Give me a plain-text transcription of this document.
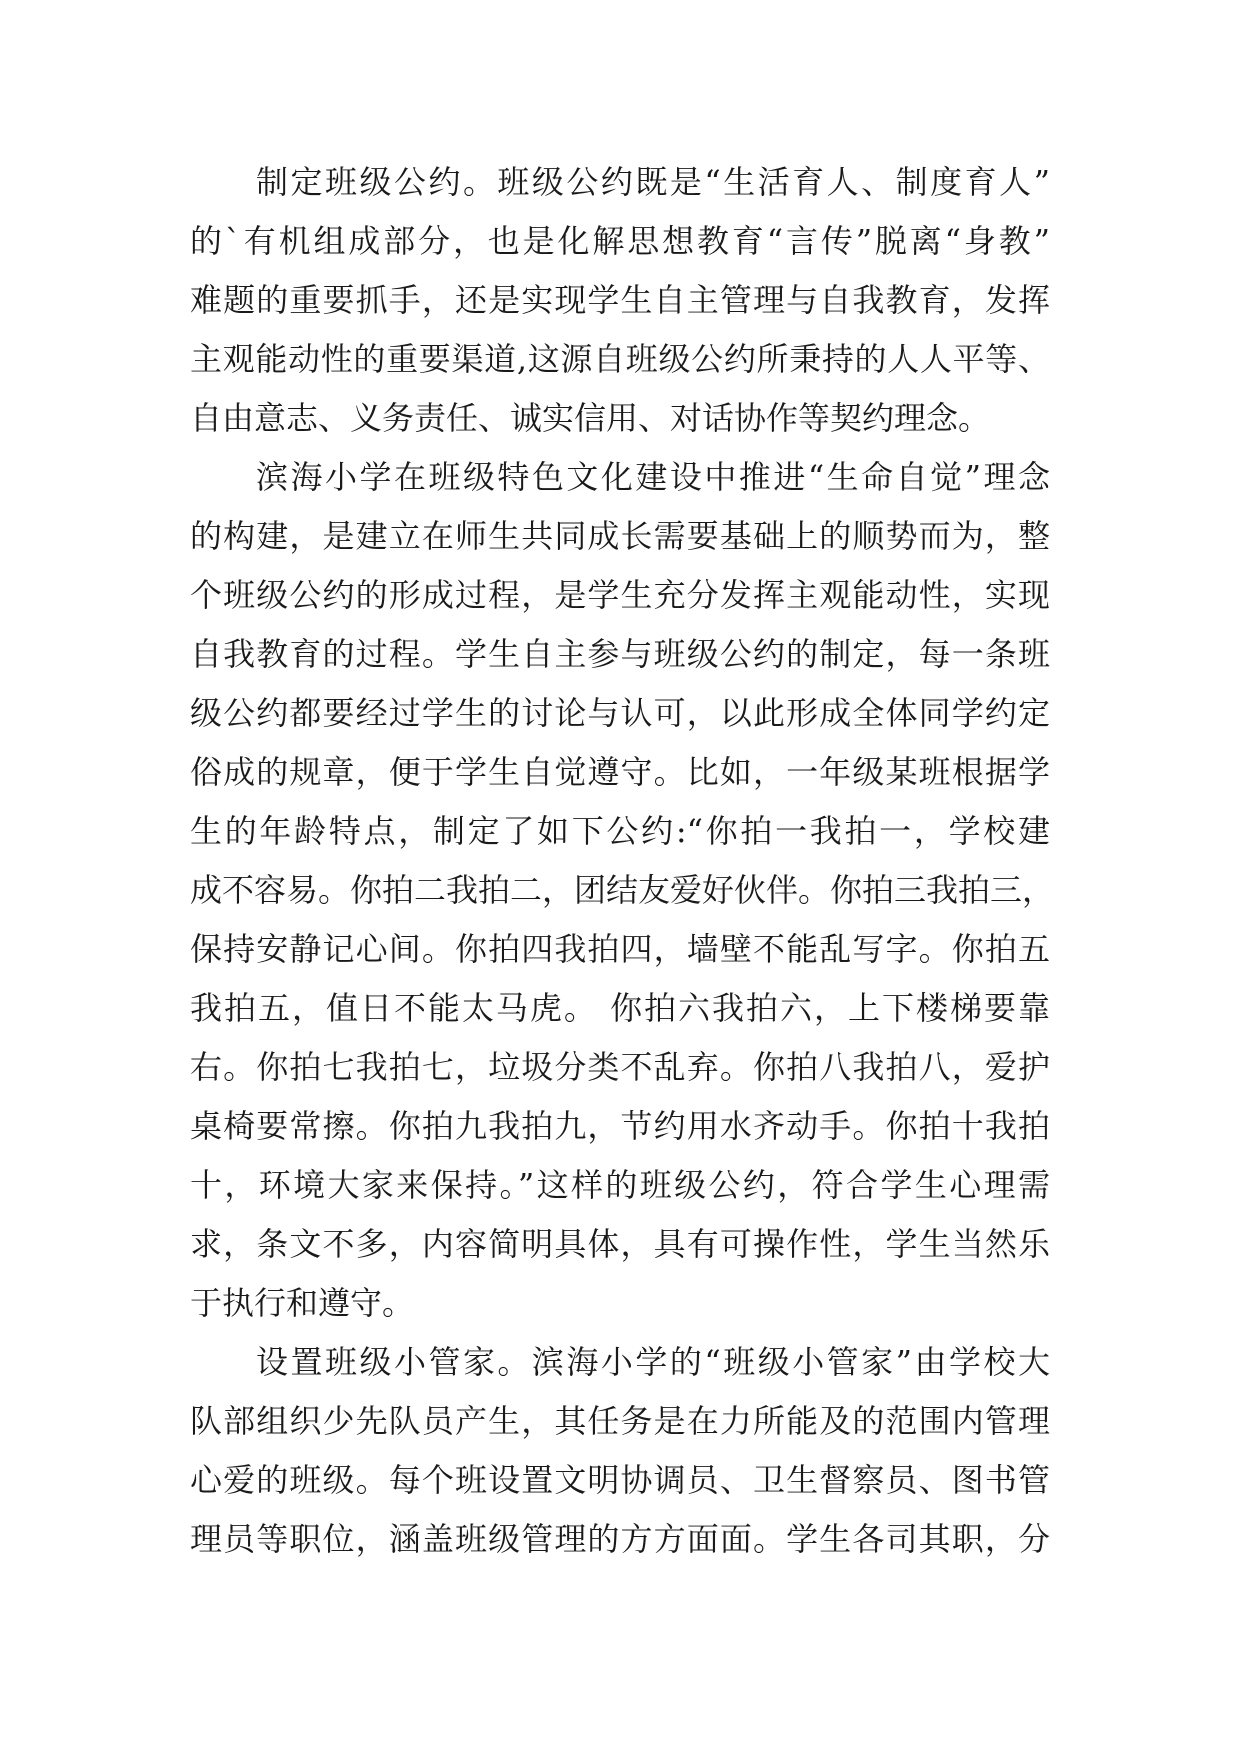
制定班级公约。班级公约既是“生活育人、制度育人”
的`有机组成部分，也是化解思想教育“言传”脱离“身教”
难题的重要抓手，还是实现学生自主管理与自我教育，发挥
主观能动性的重要渠道,这源自班级公约所秉持的人人平等、
自由意志、义务责任、诚实信用、对话协作等契约理念。
滨海小学在班级特色文化建设中推进“生命自觉”理念
的构建，是建立在师生共同成长需要基础上的顺势而为，整
个班级公约的形成过程，是学生充分发挥主观能动性，实现
自我教育的过程。学生自主参与班级公约的制定，每一条班
级公约都要经过学生的讨论与认可，以此形成全体同学约定
俗成的规章，便于学生自觉遵守。比如，一年级某班根据学
生的年龄特点，制定了如下公约:“你拍一我拍一，学校建
成不容易。你拍二我拍二，团结友爱好伙伴。你拍三我拍三，
保持安静记心间。你拍四我拍四，墙壁不能乱写字。你拍五
我拍五，值日不能太马虎。 你拍六我拍六，上下楼梯要靠
右。你拍七我拍七，垃圾分类不乱弃。你拍八我拍八，爱护
桌椅要常擦。你拍九我拍九，节约用水齐动手。你拍十我拍
十，环境大家来保持。”这样的班级公约，符合学生心理需
求，条文不多，内容简明具体，具有可操作性，学生当然乐
于执行和遵守。
设置班级小管家。滨海小学的“班级小管家”由学校大
队部组织少先队员产生，其任务是在力所能及的范围内管理
心爱的班级。每个班设置文明协调员、卫生督察员、图书管
理员等职位，涵盖班级管理的方方面面。学生各司其职，分
